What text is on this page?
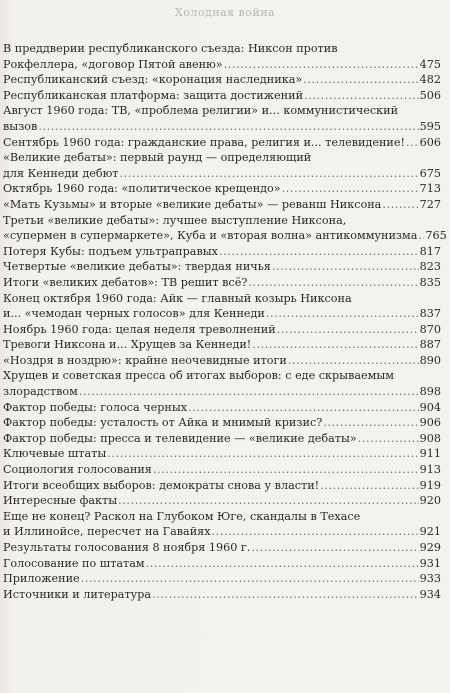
Холодная война
В преддверии республиканского съезда: Никсон против
Рокфеллера, «договор Пятой авеню» .....	475
Республиканский съезд: «коронация наследника» .....	482
Республиканская платформа: защита достижений .....	506
Август 1960 года: ТВ, «проблема религии» и... коммунистический
вызов .....	595
Сентябрь 1960 года: гражданские права, религия и... телевидение! ..... 606
«Великие дебаты»: первый раунд — определяющий
для Кеннеди дебют .....	675
Октябрь 1960 года: «политическое крещендо» .....	713
«Мать Кузьмы» и вторые «великие дебаты» — реванш Никсона .....	727
Третьи «великие дебаты»: лучшее выступление Никсона,
«супермен в супермаркете», Куба и «вторая волна» антикоммунизма ..... 765
Потеря Кубы: подъем ультраправых .....	817
Четвертые «великие дебаты»: твердая ничья .....	823
Итоги «великих дебатов»: ТВ решит всё? .....	835
Конец октября 1960 года: Айк — главный козырь Никсона
и... «чемодан черных голосов» для Кеннеди .....	837
Ноябрь 1960 года: целая неделя треволнений .....	870
Тревоги Никсона и... Хрущев за Кеннеди! .....	887
«Ноздря в ноздрю»: крайне неочевидные итоги .....	890
Хрущев и советская пресса об итогах выборов: с еде скрываемым
злорадством .....	898
Фактор победы: голоса черных .....	904
Фактор победы: усталость от Айка и мнимый кризис? .....	906
Фактор победы: пресса и телевидение — «великие дебаты» .....	908
Ключевые штаты .....	911
Социология голосования .....	913
Итоги всеобщих выборов: демократы снова у власти! .....	919
Интересные факты .....	920
Еще не конец? Раскол на Глубоком Юге, скандалы в Техасе
и Иллинойсе, пересчет на Гавайях .....	921
Результаты голосования 8 ноября 1960 г. .....	929
Голосование по штатам .....	931
Приложение .....	933
Источники и литература .....	934
